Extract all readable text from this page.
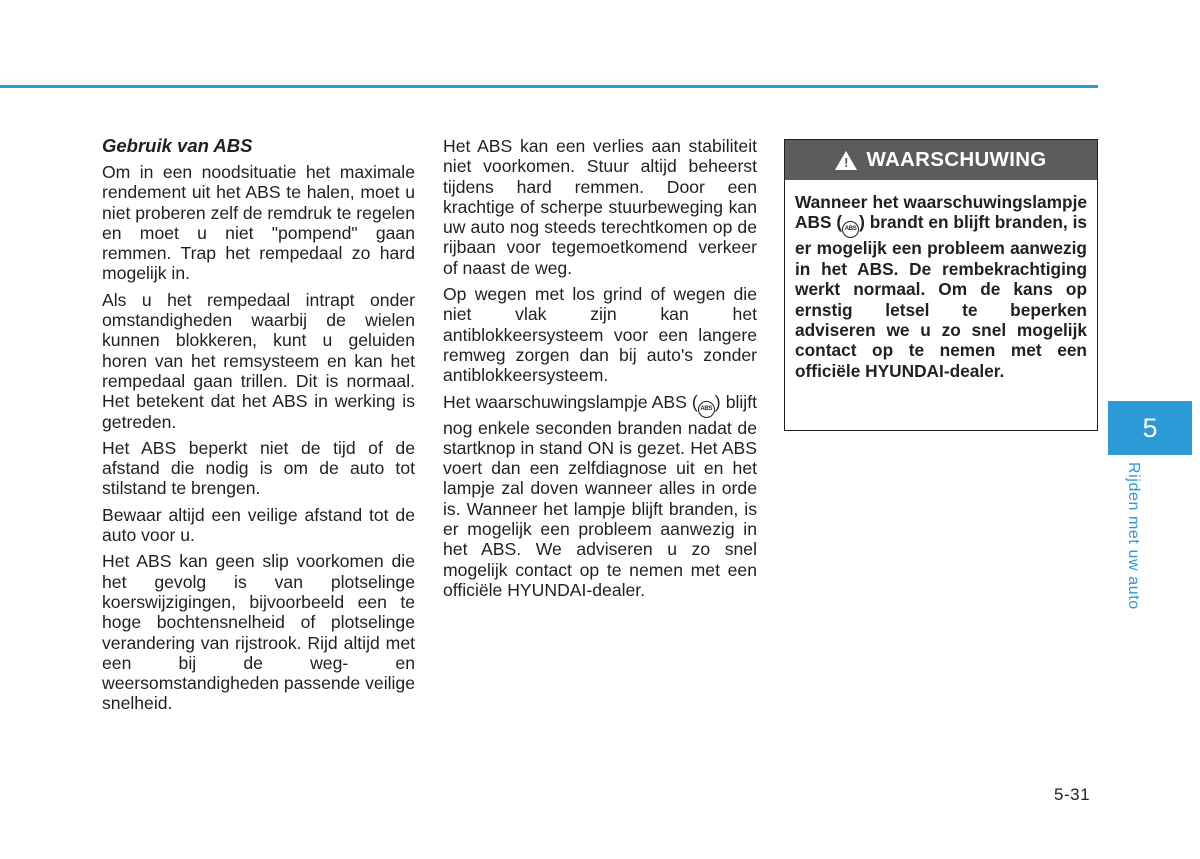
Gebruik van ABS

Om in een noodsituatie het maximale rendement uit het ABS te halen, moet u niet proberen zelf de remdruk te regelen en moet u niet "pompend" gaan remmen. Trap het rempedaal zo hard mogelijk in.

Als u het rempedaal intrapt onder omstandigheden waarbij de wielen kunnen blokkeren, kunt u geluiden horen van het remsysteem en kan het rempedaal gaan trillen. Dit is normaal. Het betekent dat het ABS in werking is getreden.

Het ABS beperkt niet de tijd of de afstand die nodig is om de auto tot stilstand te brengen.

Bewaar altijd een veilige afstand tot de auto voor u.

Het ABS kan geen slip voorkomen die het gevolg is van plotselinge koerswijzigingen, bijvoorbeeld een te hoge bochtensnelheid of plotselinge verandering van rijstrook. Rijd altijd met een bij de weg- en weersomstandigheden passende veilige snelheid.

Het ABS kan een verlies aan stabiliteit niet voorkomen. Stuur altijd beheerst tijdens hard remmen. Door een krachtige of scherpe stuurbeweging kan uw auto nog steeds terechtkomen op de rijbaan voor tegemoetkomend verkeer of naast de weg.

Op wegen met los grind of wegen die niet vlak zijn kan het antiblokkeersysteem voor een langere remweg zorgen dan bij auto's zonder antiblokkeersysteem.

Het waarschuwingslampje ABS ( ABS ) blijft nog enkele seconden branden nadat de startknop in stand ON is gezet. Het ABS voert dan een zelfdiagnose uit en het lampje zal doven wanneer alles in orde is. Wanneer het lampje blijft branden, is er mogelijk een probleem aanwezig in het ABS. We adviseren u zo snel mogelijk contact op te nemen met een officiële HYUNDAI-dealer.

! WAARSCHUWING
Wanneer het waarschuwingslampje ABS ( ABS ) brandt en blijft branden, is er mogelijk een probleem aanwezig in het ABS. De rembekrachtiging werkt normaal. Om de kans op ernstig letsel te beperken adviseren we u zo snel mogelijk contact op te nemen met een officiële HYUNDAI-dealer.
5
Rijden met uw auto
5-31
